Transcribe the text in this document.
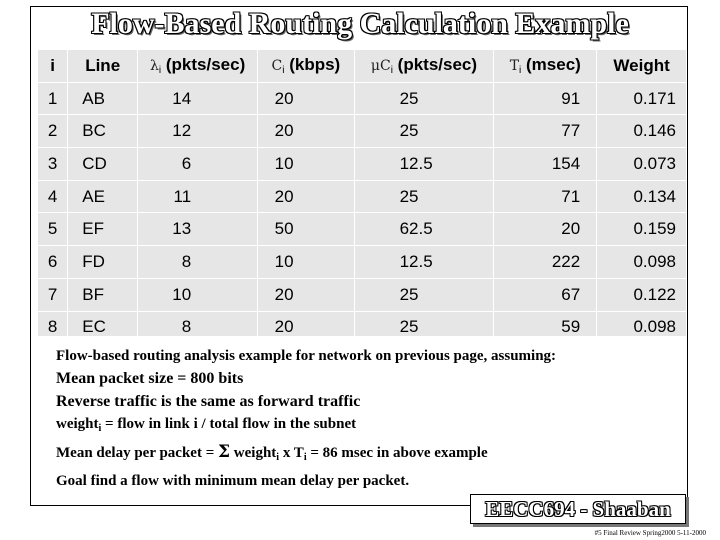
Flow-Based Routing Calculation Example
i	Line	$\lambda_i$ (pkts/sec)	$C_i$ (kbps)	$\mu C_i$ (pkts/sec)	$T_i$ (msec)	Weight
1	AB	14	20	25	91	0.171
2	BC	12	20	25	77	0.146
3	CD	6	10	12.5	154	0.073
4	AE	11	20	25	71	0.134
5	EF	13	50	62.5	20	0.159
6	FD	8	10	12.5	222	0.098
7	BF	10	20	25	67	0.122
8	EC	8	20	25	59	0.098
Flow-based routing analysis example for network on previous page, assuming:
Mean packet size = 800 bits
Reverse traffic is the same as forward traffic
weight$_i$ = flow in link i / total flow in the subnet
Mean delay per packet = Σ weight$_i$ x $T_i = 86$ msec in above example
Goal find a flow with minimum mean delay per packet.
EECC694 - Shaaban
#5 Final Review Spring2000 5-11-2000
